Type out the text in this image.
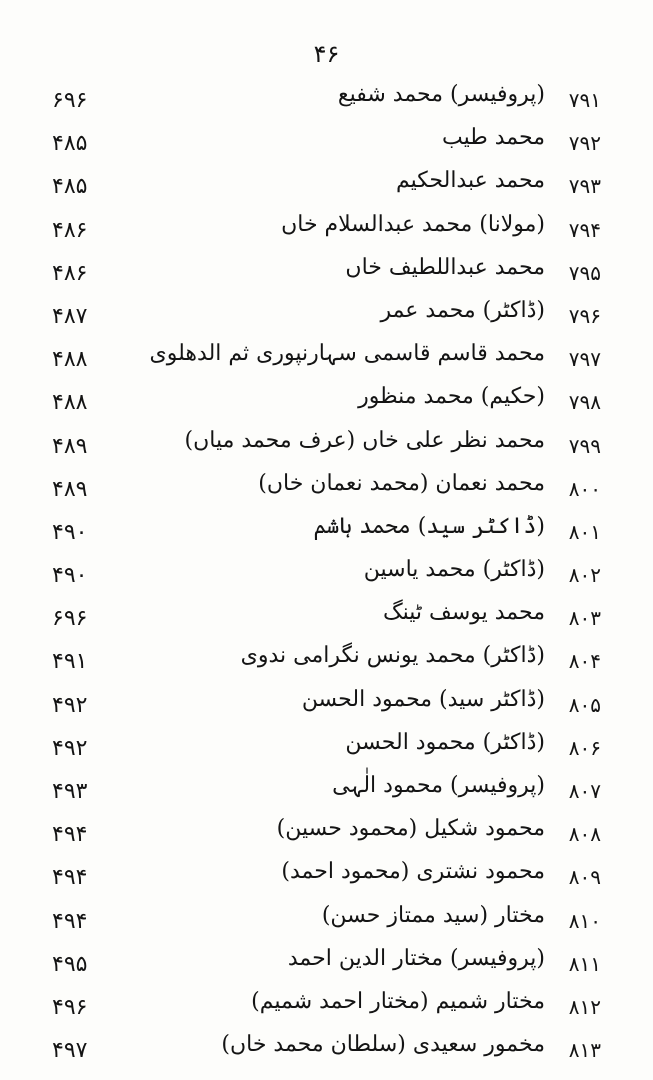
۴۶
۷۹۱
(پروفیسر) محمد شفیع
۶۹۶
۷۹۲
محمد طیب
۴۸۵
۷۹۳
محمد عبدالحکیم
۴۸۵
۷۹۴
(مولانا) محمد عبدالسلام خاں
۴۸۶
۷۹۵
محمد عبداللطیف خاں
۴۸۶
۷۹۶
(ڈاکٹر) محمد عمر
۴۸۷
۷۹۷
محمد قاسم قاسمی سہارنپوری ثم الدھلوی
۴۸۸
۷۹۸
(حکیم) محمد منظور
۴۸۸
۷۹۹
محمد نظر علی خاں (عرف محمد میاں)
۴۸۹
۸۰۰
محمد نعمان (محمد نعمان خاں)
۴۸۹
۸۰۱
(ڈاکٹر سید) محمد ہاشم
۴۹۰
۸۰۲
(ڈاکٹر) محمد یاسین
۴۹۰
۸۰۳
محمد یوسف ٹینگ
۶۹۶
۸۰۴
(ڈاکٹر) محمد یونس نگرامی ندوی
۴۹۱
۸۰۵
(ڈاکٹر سید) محمود الحسن
۴۹۲
۸۰۶
(ڈاکٹر) محمود الحسن
۴۹۲
۸۰۷
(پروفیسر) محمود الٰہی
۴۹۳
۸۰۸
محمود شکیل (محمود حسین)
۴۹۴
۸۰۹
محمود نشتری (محمود احمد)
۴۹۴
۸۱۰
مختار (سید ممتاز حسن)
۴۹۴
۸۱۱
(پروفیسر) مختار الدین احمد
۴۹۵
۸۱۲
مختار شمیم (مختار احمد شمیم)
۴۹۶
۸۱۳
مخمور سعیدی (سلطان محمد خاں)
۴۹۷
